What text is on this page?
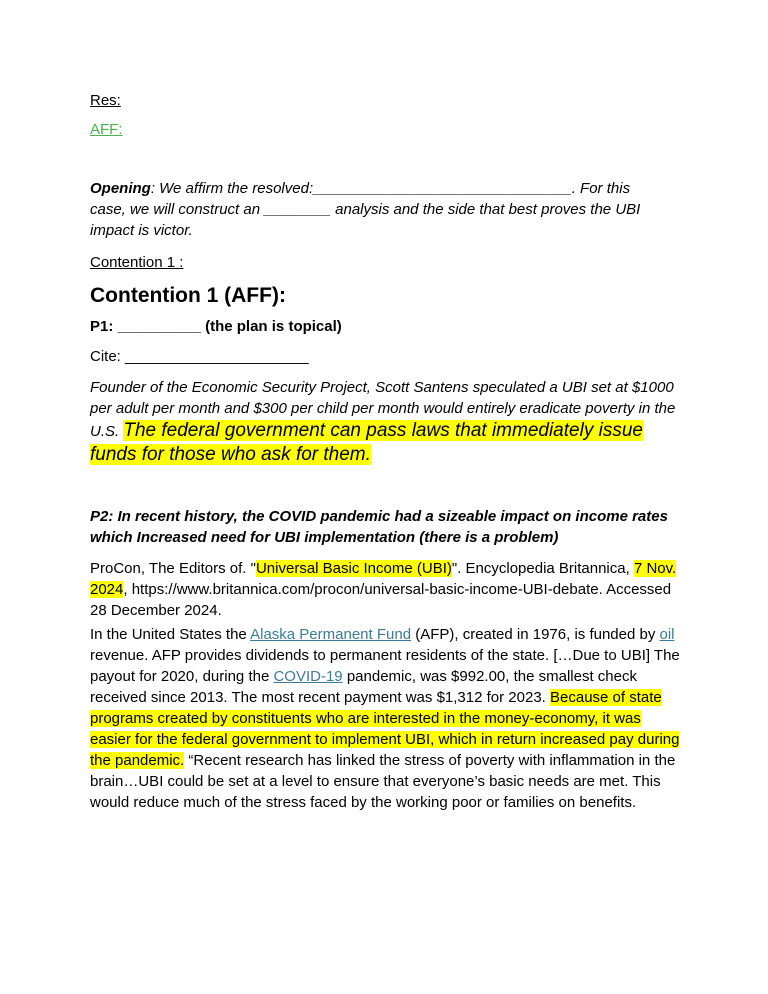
Res:
AFF:

Opening: We affirm the resolved:_______________________________. For this case, we will construct an ________ analysis and the side that best proves the UBI impact is victor.

Contention 1 :
Contention 1 (AFF):
P1: __________ (the plan is topical)
Cite: ______________________

Founder of the Economic Security Project, Scott Santens speculated a UBI set at $1000 per adult per month and $300 per child per month would entirely eradicate poverty in the U.S. The federal government can pass laws that immediately issue funds for those who ask for them.

P2: In recent history, the COVID pandemic had a sizeable impact on income rates which Increased need for UBI implementation (there is a problem)

ProCon, The Editors of. "Universal Basic Income (UBI)". Encyclopedia Britannica, 7 Nov. 2024, https://www.britannica.com/procon/universal-basic-income-UBI-debate. Accessed 28 December 2024.

In the United States the Alaska Permanent Fund (AFP), created in 1976, is funded by oil revenue. AFP provides dividends to permanent residents of the state. […Due to UBI] The payout for 2020, during the COVID-19 pandemic, was $992.00, the smallest check received since 2013. The most recent payment was $1,312 for 2023. Because of state programs created by constituents who are interested in the money-economy, it was easier for the federal government to implement UBI, which in return increased pay during the pandemic. “Recent research has linked the stress of poverty with inflammation in the brain…UBI could be set at a level to ensure that everyone’s basic needs are met. This would reduce much of the stress faced by the working poor or families on benefits.
